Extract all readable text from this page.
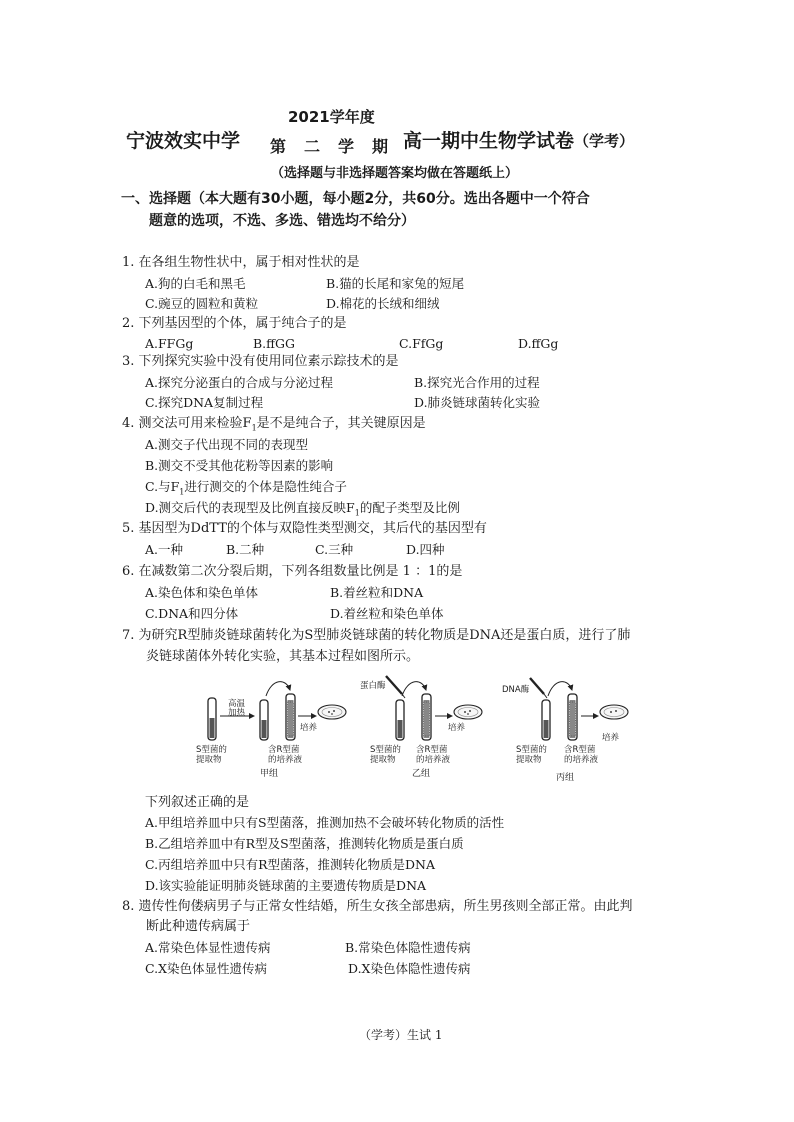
2021学年度
宁波效实中学 第　二　学　期 高一期中生物学试卷 （学考）
（选择题与非选择题答案均做在答题纸上）
一、选择题（本大题有30小题，每小题2分，共60分。选出各题中一个符合
题意的选项，不选、多选、错选均不给分）
1. 在各组生物性状中，属于相对性状的是
A.狗的白毛和黑毛	B.猫的长尾和家兔的短尾
C.豌豆的圆粒和黄粒	D.棉花的长绒和细绒
2. 下列基因型的个体，属于纯合子的是
A.FFGg	B.ffGG	C.FfGg	D.ffGg
3. 下列探究实验中没有使用同位素示踪技术的是
A.探究分泌蛋白的合成与分泌过程	B.探究光合作用的过程
C.探究DNA复制过程	D.肺炎链球菌转化实验
4. 测交法可用来检验$F_1$是不是纯合子，其关键原因是
A.测交子代出现不同的表现型
B.测交不受其他花粉等因素的影响
C.与$F_1$进行测交的个体是隐性纯合子
D.测交后代的表现型及比例直接反映$F_1$的配子类型及比例
5. 基因型为DdTT的个体与双隐性类型测交，其后代的基因型有
A.一种	B.二种	C.三种	D.四种
6. 在减数第二次分裂后期，下列各组数量比例是 1 ：1的是
A.染色体和染色单体	B.着丝粒和DNA
C.DNA和四分体	D.着丝粒和染色单体
7. 为研究R型肺炎链球菌转化为S型肺炎链球菌的转化物质是DNA还是蛋白质，进行了肺
炎链球菌体外转化实验，其基本过程如图所示。
高温
加热
培养
S型菌的
提取物
含R型菌
的培养液
甲组
蛋白酶
培养
S型菌的
提取物
含R型菌
的培养液
乙组
DNA酶
培养
S型菌的
提取物
含R型菌
的培养液
丙组
下列叙述正确的是
A.甲组培养皿中只有S型菌落，推测加热不会破坏转化物质的活性
B.乙组培养皿中有R型及S型菌落，推测转化物质是蛋白质
C.丙组培养皿中只有R型菌落，推测转化物质是DNA
D.该实验能证明肺炎链球菌的主要遗传物质是DNA
8. 遗传性佝偻病男子与正常女性结婚，所生女孩全部患病，所生男孩则全部正常。由此判
断此种遗传病属于
A.常染色体显性遗传病	B.常染色体隐性遗传病
C.X染色体显性遗传病	D.X染色体隐性遗传病
（学考）生试 1
